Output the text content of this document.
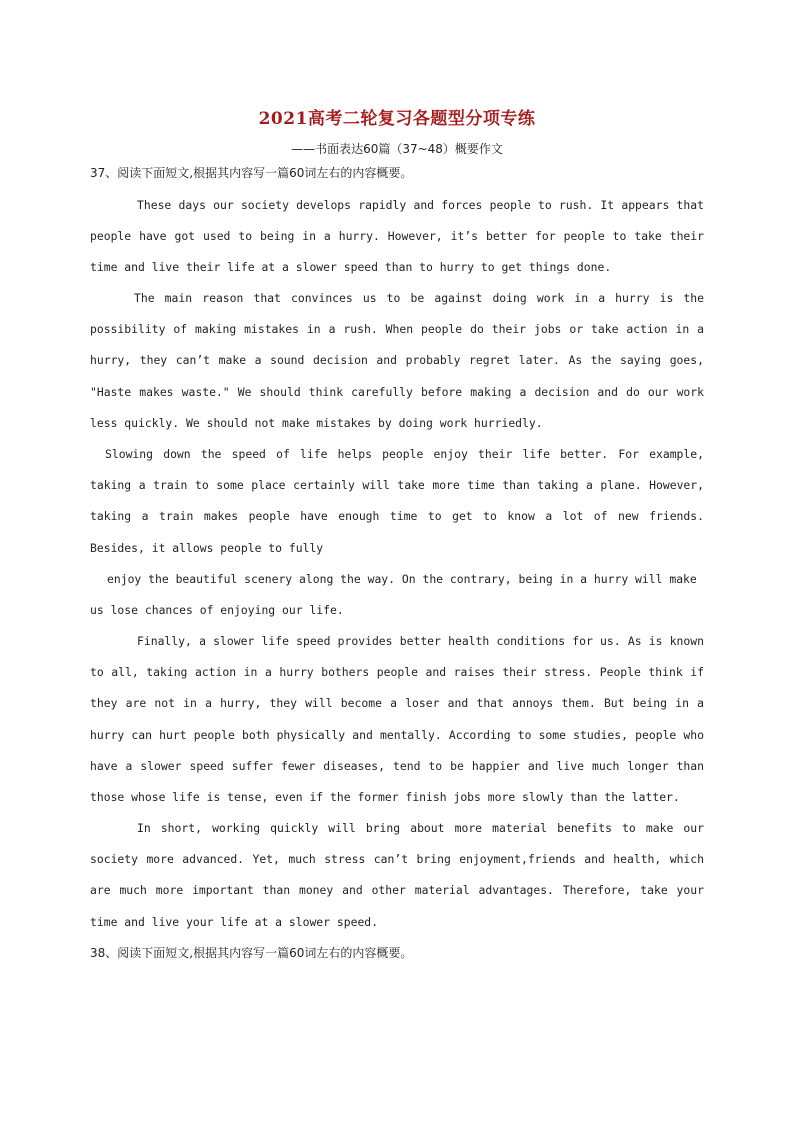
2021高考二轮复习各题型分项专练
——书面表达60篇（37~48）概要作文
37、阅读下面短文,根据其内容写一篇60词左右的内容概要。

These days our society develops rapidly and forces people to rush. It appears that people have got used to being in a hurry. However, it’s better for people to take their time and live their life at a slower speed than to hurry to get things done.

The main reason that convinces us to be against doing work in a hurry is the possibility of making mistakes in a rush. When people do their jobs or take action in a hurry, they can’t make a sound decision and probably regret later. As the saying goes, "Haste makes waste." We should think carefully before making a decision and do our work less quickly. We should not make mistakes by doing work hurriedly.

Slowing down the speed of life helps people enjoy their life better. For example, taking a train to some place certainly will take more time than taking a plane. However, taking a train makes people have enough time to get to know a lot of new friends. Besides, it allows people to fully

enjoy the beautiful scenery along the way. On the contrary, being in a hurry will make

us lose chances of enjoying our life.

Finally, a slower life speed provides better health conditions for us. As is known to all, taking action in a hurry bothers people and raises their stress. People think if they are not in a hurry, they will become a loser and that annoys them. But being in a hurry can hurt people both physically and mentally. According to some studies, people who have a slower speed suffer fewer diseases, tend to be happier and live much longer than those whose life is tense, even if the former finish jobs more slowly than the latter.

In short, working quickly will bring about more material benefits to make our society more advanced. Yet, much stress can’t bring enjoyment,friends and health, which are much more important than money and other material advantages. Therefore, take your time and live your life at a slower speed.

38、阅读下面短文,根据其内容写一篇60词左右的内容概要。
